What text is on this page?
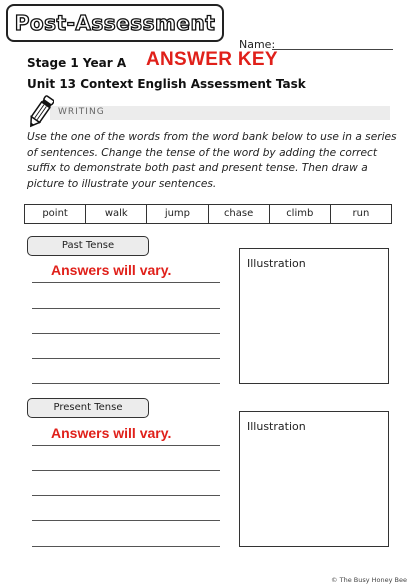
Post-Assessment
Name:
Stage 1 Year A ANSWER KEY
Unit 13 Context English Assessment Task
WRITING
Use the one of the words from the word bank below to use in a series of sentences. Change the tense of the word by adding the correct suffix to demonstrate both past and present tense. Then draw a picture to illustrate your sentences.
point	walk	jump	chase	climb	run
Past Tense
Answers will vary.	Illustration
Present Tense
Answers will vary.	Illustration
© The Busy Honey Bee
